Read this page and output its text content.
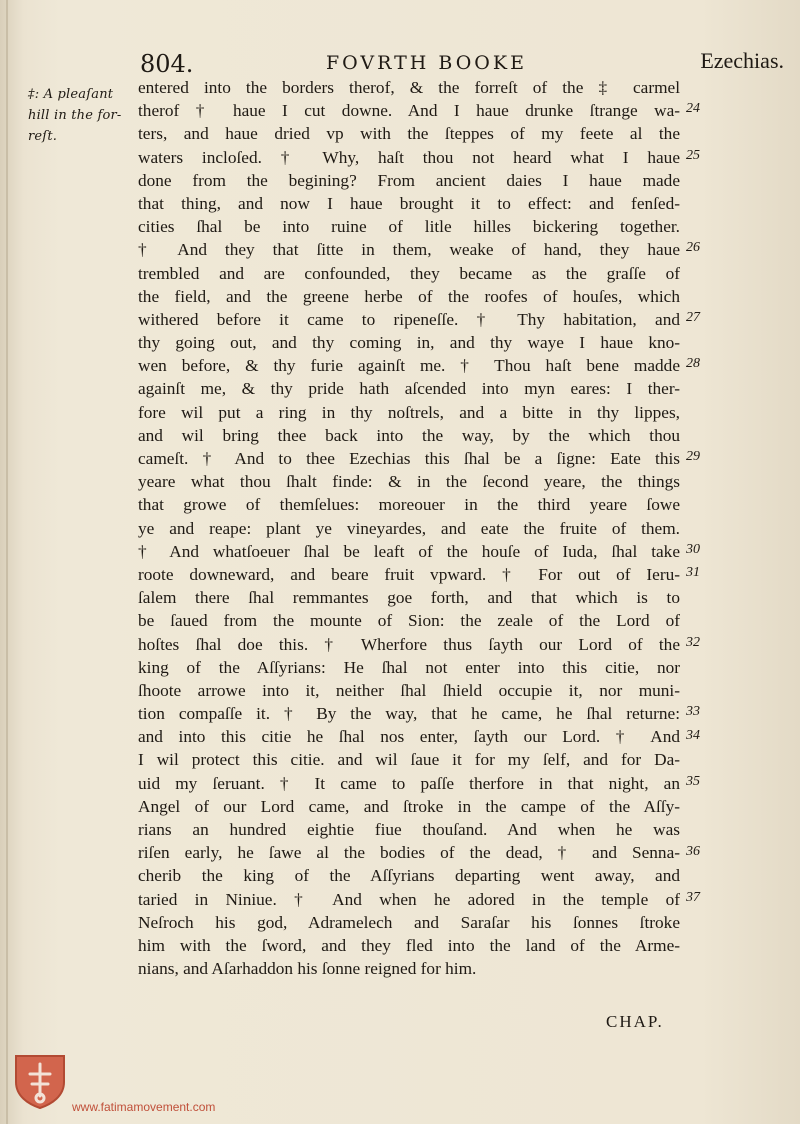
804.	FOVRTH BOOKE	Ezechias.
‡: A pleaſant
hill in the for-
reſt.
entered into the borders therof, & the forreſt of the ‡ carmel
therof † haue I cut downe. And I haue drunke ſtrange wa-
ters, and haue dried vp with the ſteppes of my feete al the
waters incloſed. † Why, haſt thou not heard what I haue
done from the begining? From ancient daies I haue made
that thing, and now I haue brought it to effect: and fenſed-
cities ſhal be into ruine of litle hilles bickering together.
† And they that ſitte in them, weake of hand, they haue
trembled and are confounded, they became as the graſſe of
the field, and the greene herbe of the roofes of houſes, which
withered before it came to ripeneſſe. † Thy habitation, and
thy going out, and thy coming in, and thy waye I haue kno-
wen before, & thy furie againſt me. † Thou haſt bene madde
againſt me, & thy pride hath aſcended into myn eares: I ther-
fore wil put a ring in thy noſtrels, and a bitte in thy lippes,
and wil bring thee back into the way, by the which thou
cameſt. † And to thee Ezechias this ſhal be a ſigne: Eate this
yeare what thou ſhalt finde: & in the ſecond yeare, the things
that growe of themſelues: moreouer in the third yeare ſowe
ye and reape: plant ye vineyardes, and eate the fruite of them.
† And whatſoeuer ſhal be leaft of the houſe of Iuda, ſhal take
roote downeward, and beare fruit vpward. † For out of Ieru-
ſalem there ſhal remmantes goe forth, and that which is to
be ſaued from the mounte of Sion: the zeale of the Lord of
hoſtes ſhal doe this. † Wherfore thus ſayth our Lord of the
king of the Aſſyrians: He ſhal not enter into this citie, nor
ſhoote arrowe into it, neither ſhal ſhield occupie it, nor muni-
tion compaſſe it. † By the way, that he came, he ſhal returne:
and into this citie he ſhal nos enter, ſayth our Lord. † And
I wil protect this citie. and wil ſaue it for my ſelf, and for Da-
uid my ſeruant. † It came to paſſe therfore in that night, an
Angel of our Lord came, and ſtroke in the campe of the Aſſy-
rians an hundred eightie fiue thouſand. And when he was
riſen early, he ſawe al the bodies of the dead, † and Senna-
cherib the king of the Aſſyrians departing went away, and
taried in Niniue. † And when he adored in the temple of
Neſroch his god, Adramelech and Saraſar his ſonnes ſtroke
him with the ſword, and they fled into the land of the Arme-
nians, and Aſarhaddon his ſonne reigned for him.
24
25
26
27
28
29
30
31
32
33
34
35
36
37
CHAP.
www.fatimamovement.com
